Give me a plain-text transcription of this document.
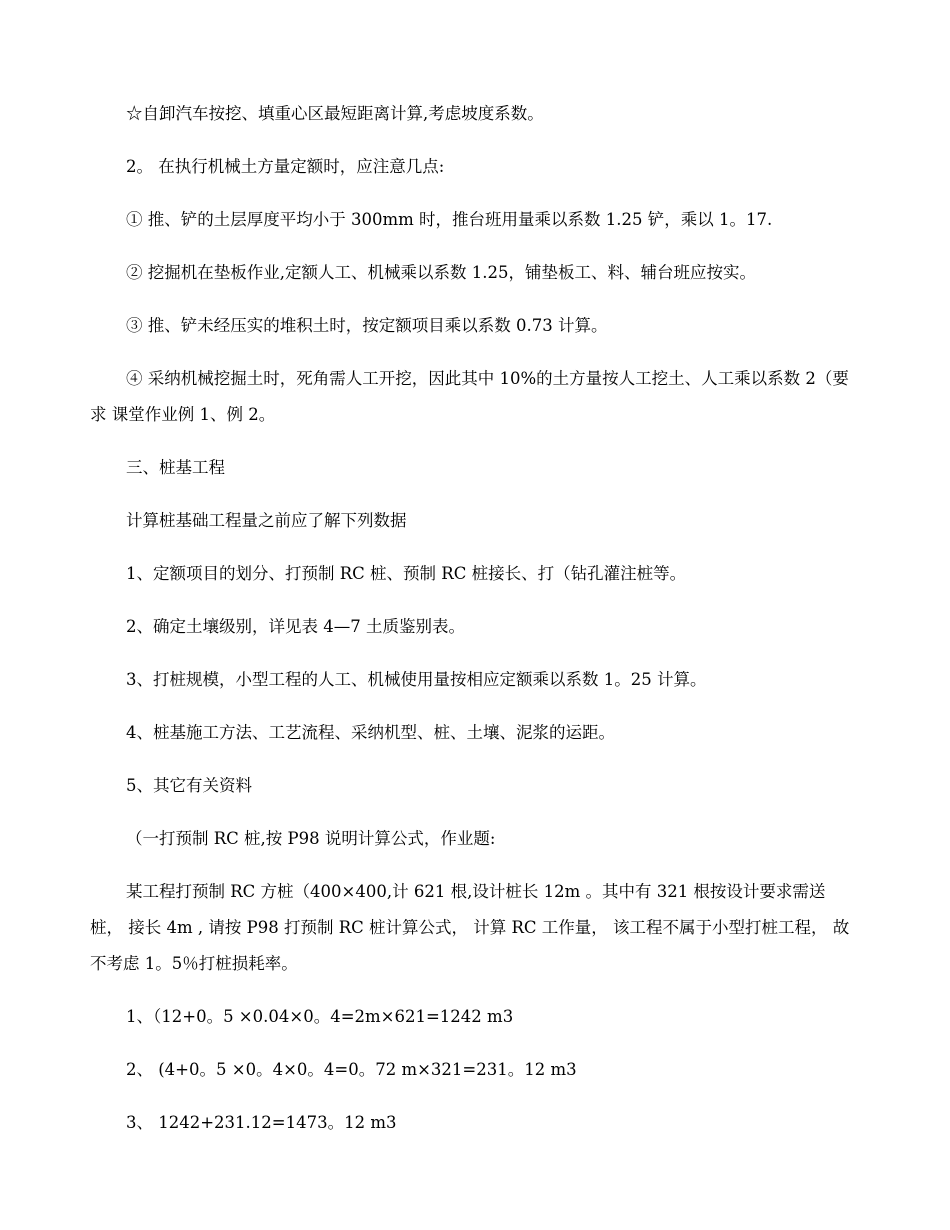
☆自卸汽车按挖、填重心区最短距离计算,考虑坡度系数。

2。 在执行机械土方量定额时，应注意几点:

① 推、铲的土层厚度平均小于 300mm 时，推台班用量乘以系数 1.25 铲，乘以 1。17.

② 挖掘机在垫板作业,定额人工、机械乘以系数 1.25，铺垫板工、料、辅台班应按实。

③ 推、铲未经压实的堆积土时，按定额项目乘以系数 0.73 计算。

④ 采纳机械挖掘土时，死角需人工开挖，因此其中 10%的土方量按人工挖土、人工乘以系数 2（要求 课堂作业例 1、例 2。

三、桩基工程

计算桩基础工程量之前应了解下列数据

1、定额项目的划分、打预制 RC 桩、预制 RC 桩接长、打（钻孔灌注桩等。

2、确定土壤级别，详见表 4—7 土质鉴别表。

3、打桩规模，小型工程的人工、机械使用量按相应定额乘以系数 1。25 计算。

4、桩基施工方法、工艺流程、采纳机型、桩、土壤、泥浆的运距。

5、其它有关资料

（一打预制 RC 桩,按 P98 说明计算公式，作业题:

某工程打预制 RC 方桩（400×400,计 621 根,设计桩长 12m 。其中有 321 根按设计要求需送桩， 接长 4m , 请按 P98 打预制 RC 桩计算公式， 计算 RC 工作量， 该工程不属于小型打桩工程， 故不考虑 1。5％打桩损耗率。

1、（12+0。5 ×0.04×0。4=2m×621=1242 m3

2、 (4+0。5 ×0。4×0。4=0。72 m×321=231。12 m3

3、 1242+231.12=1473。12 m3
